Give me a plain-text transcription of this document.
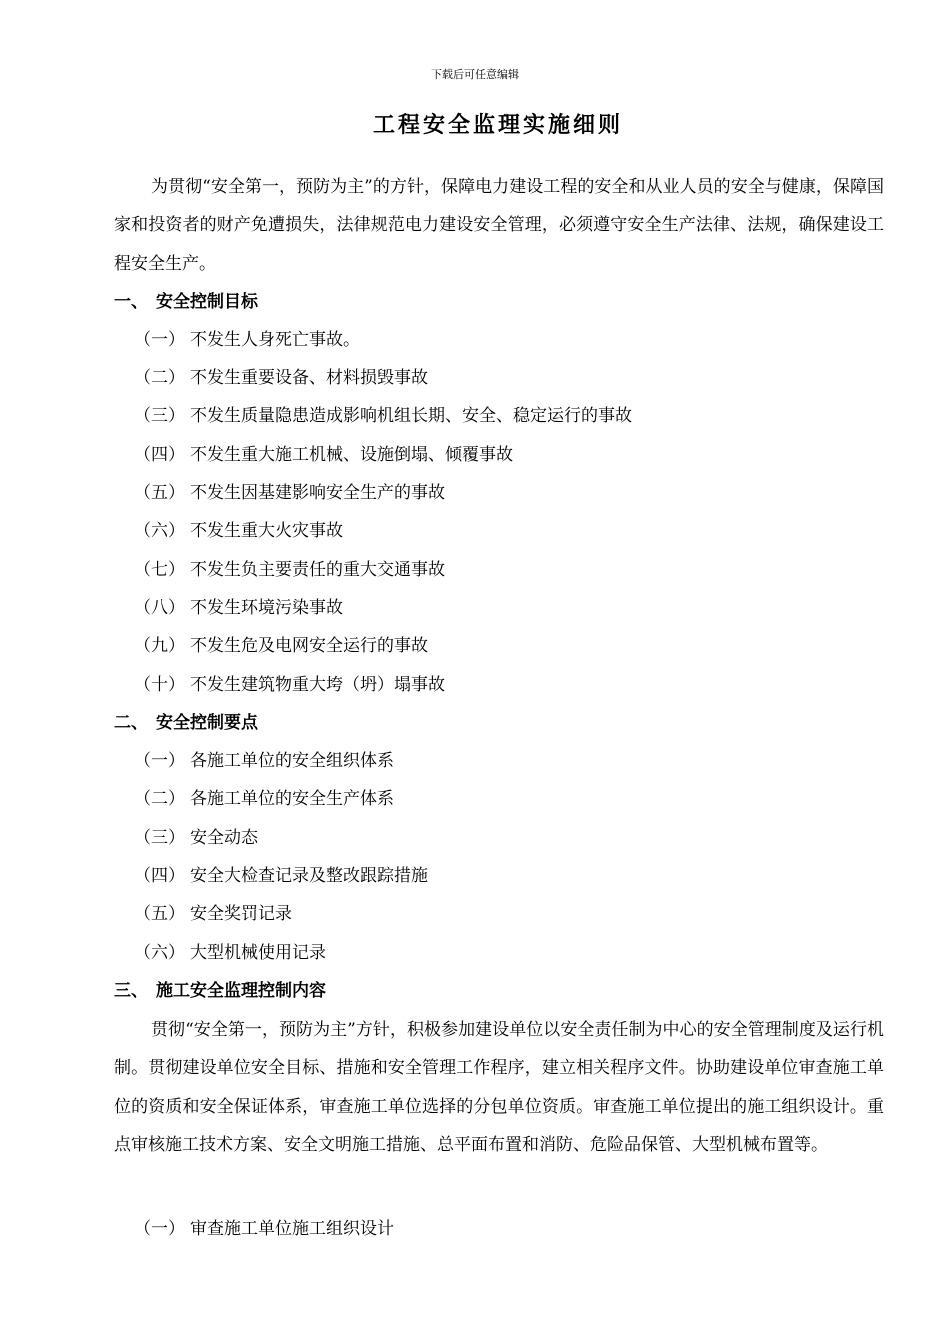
下载后可任意编辑
工程安全监理实施细则

为贯彻“安全第一，预防为主”的方针，保障电力建设工程的安全和从业人员的安全与健康，保障国家和投资者的财产免遭损失，法律规范电力建设安全管理，必须遵守安全生产法律、法规，确保建设工程安全生产。

一、 安全控制目标
（一） 不发生人身死亡事故。
（二） 不发生重要设备、材料损毁事故
（三） 不发生质量隐患造成影响机组长期、安全、稳定运行的事故
（四） 不发生重大施工机械、设施倒塌、倾覆事故
（五） 不发生因基建影响安全生产的事故
（六） 不发生重大火灾事故
（七） 不发生负主要责任的重大交通事故
（八） 不发生环境污染事故
（九） 不发生危及电网安全运行的事故
（十） 不发生建筑物重大垮（坍）塌事故
二、 安全控制要点
（一） 各施工单位的安全组织体系
（二） 各施工单位的安全生产体系
（三） 安全动态
（四） 安全大检查记录及整改跟踪措施
（五） 安全奖罚记录
（六） 大型机械使用记录
三、 施工安全监理控制内容

贯彻“安全第一，预防为主”方针，积极参加建设单位以安全责任制为中心的安全管理制度及运行机制。贯彻建设单位安全目标、措施和安全管理工作程序，建立相关程序文件。协助建设单位审查施工单位的资质和安全保证体系，审查施工单位选择的分包单位资质。审查施工单位提出的施工组织设计。重点审核施工技术方案、安全文明施工措施、总平面布置和消防、危险品保管、大型机械布置等。

（一） 审查施工单位施工组织设计
